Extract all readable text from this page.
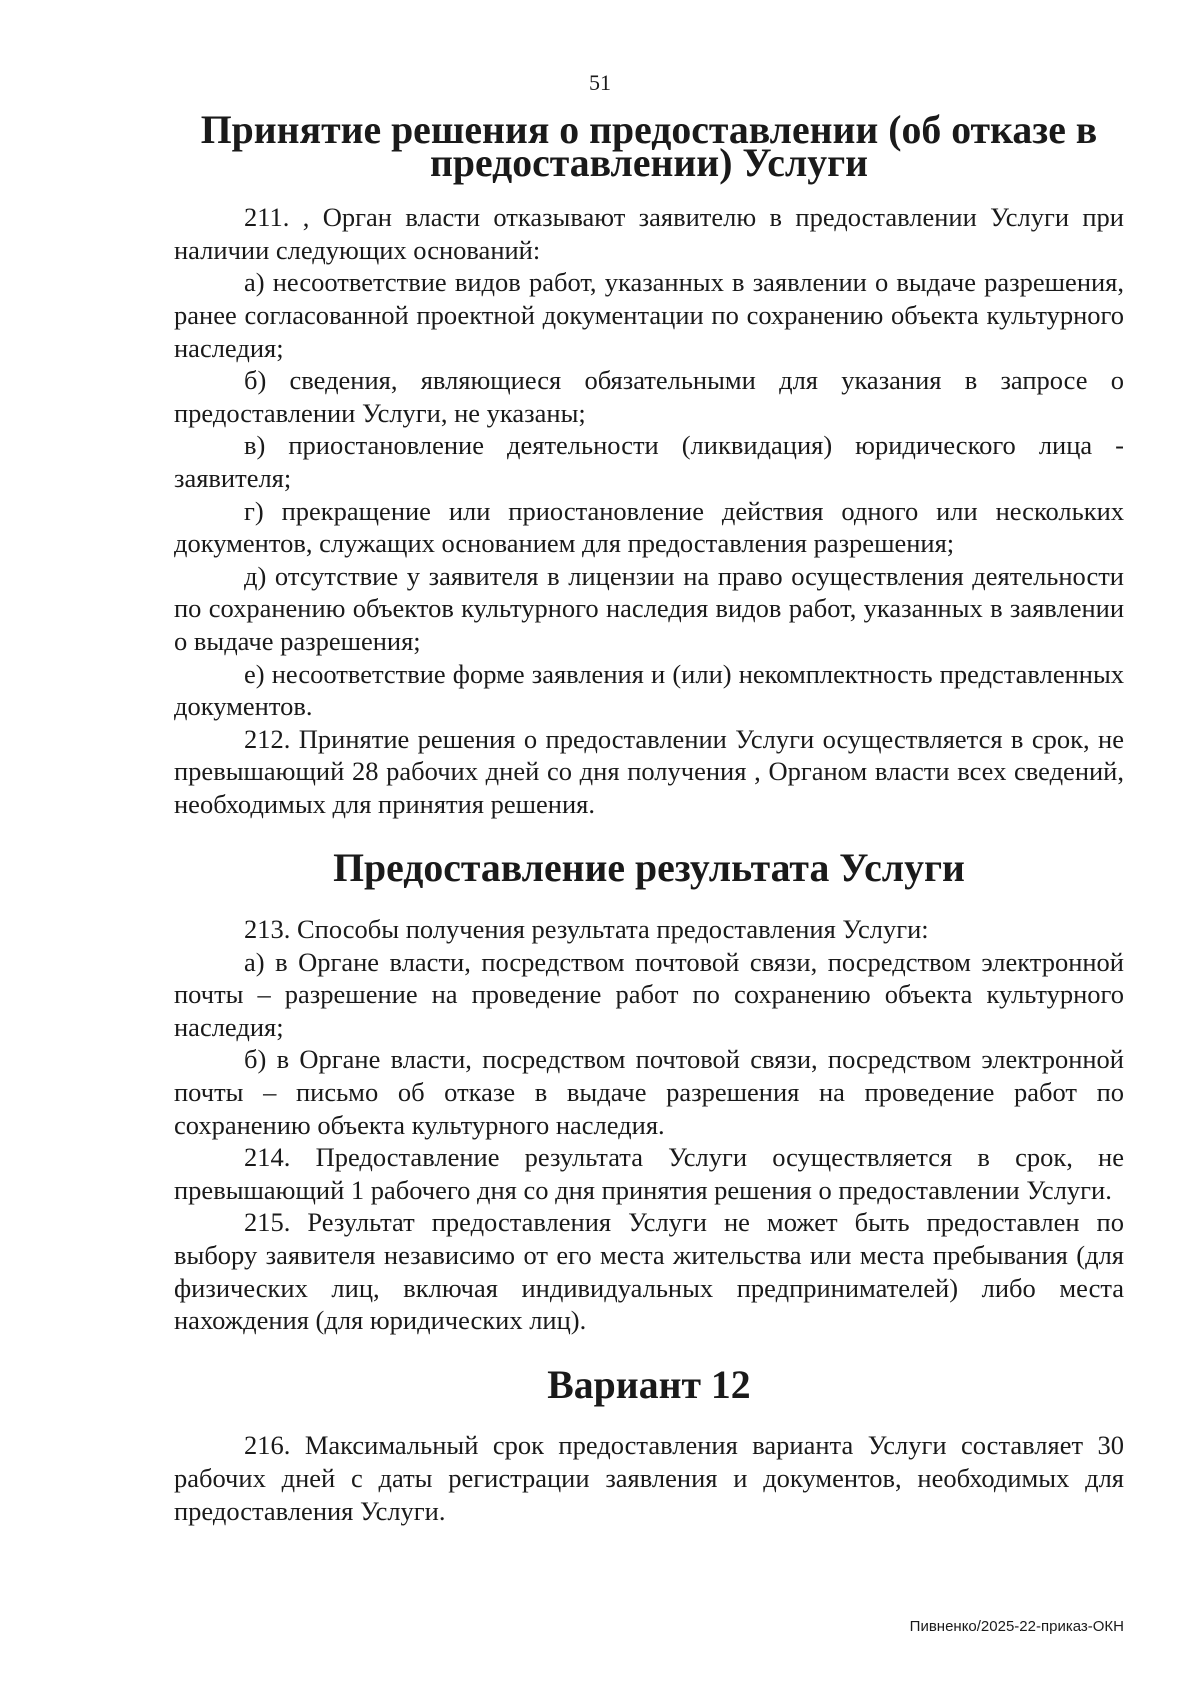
51
Принятие решения о предоставлении (об отказе в предоставлении) Услуги

211. , Орган власти отказывают заявителю в предоставлении Услуги при наличии следующих оснований:

а) несоответствие видов работ, указанных в заявлении о выдаче разрешения, ранее согласованной проектной документации по сохранению объекта культурного наследия;

б) сведения, являющиеся обязательными для указания в запросе о предоставлении Услуги, не указаны;

в) приостановление деятельности (ликвидация) юридического лица - заявителя;

г) прекращение или приостановление действия одного или нескольких документов, служащих основанием для предоставления разрешения;

д) отсутствие у заявителя в лицензии на право осуществления деятельности по сохранению объектов культурного наследия видов работ, указанных в заявлении о выдаче разрешения;

е) несоответствие форме заявления и (или) некомплектность представленных документов.

212. Принятие решения о предоставлении Услуги осуществляется в срок, не превышающий 28 рабочих дней со дня получения , Органом власти всех сведений, необходимых для принятия решения.

Предоставление результата Услуги

213. Способы получения результата предоставления Услуги:

а) в Органе власти, посредством почтовой связи, посредством электронной почты – разрешение на проведение работ по сохранению объекта культурного наследия;

б) в Органе власти, посредством почтовой связи, посредством электронной почты – письмо об отказе в выдаче разрешения на проведение работ по сохранению объекта культурного наследия.

214. Предоставление результата Услуги осуществляется в срок, не превышающий 1 рабочего дня со дня принятия решения о предоставлении Услуги.

215. Результат предоставления Услуги не может быть предоставлен по выбору заявителя независимо от его места жительства или места пребывания (для физических лиц, включая индивидуальных предпринимателей) либо места нахождения (для юридических лиц).

Вариант 12

216. Максимальный срок предоставления варианта Услуги составляет 30 рабочих дней с даты регистрации заявления и документов, необходимых для предоставления Услуги.

Пивненко/2025-22-приказ-ОКН
